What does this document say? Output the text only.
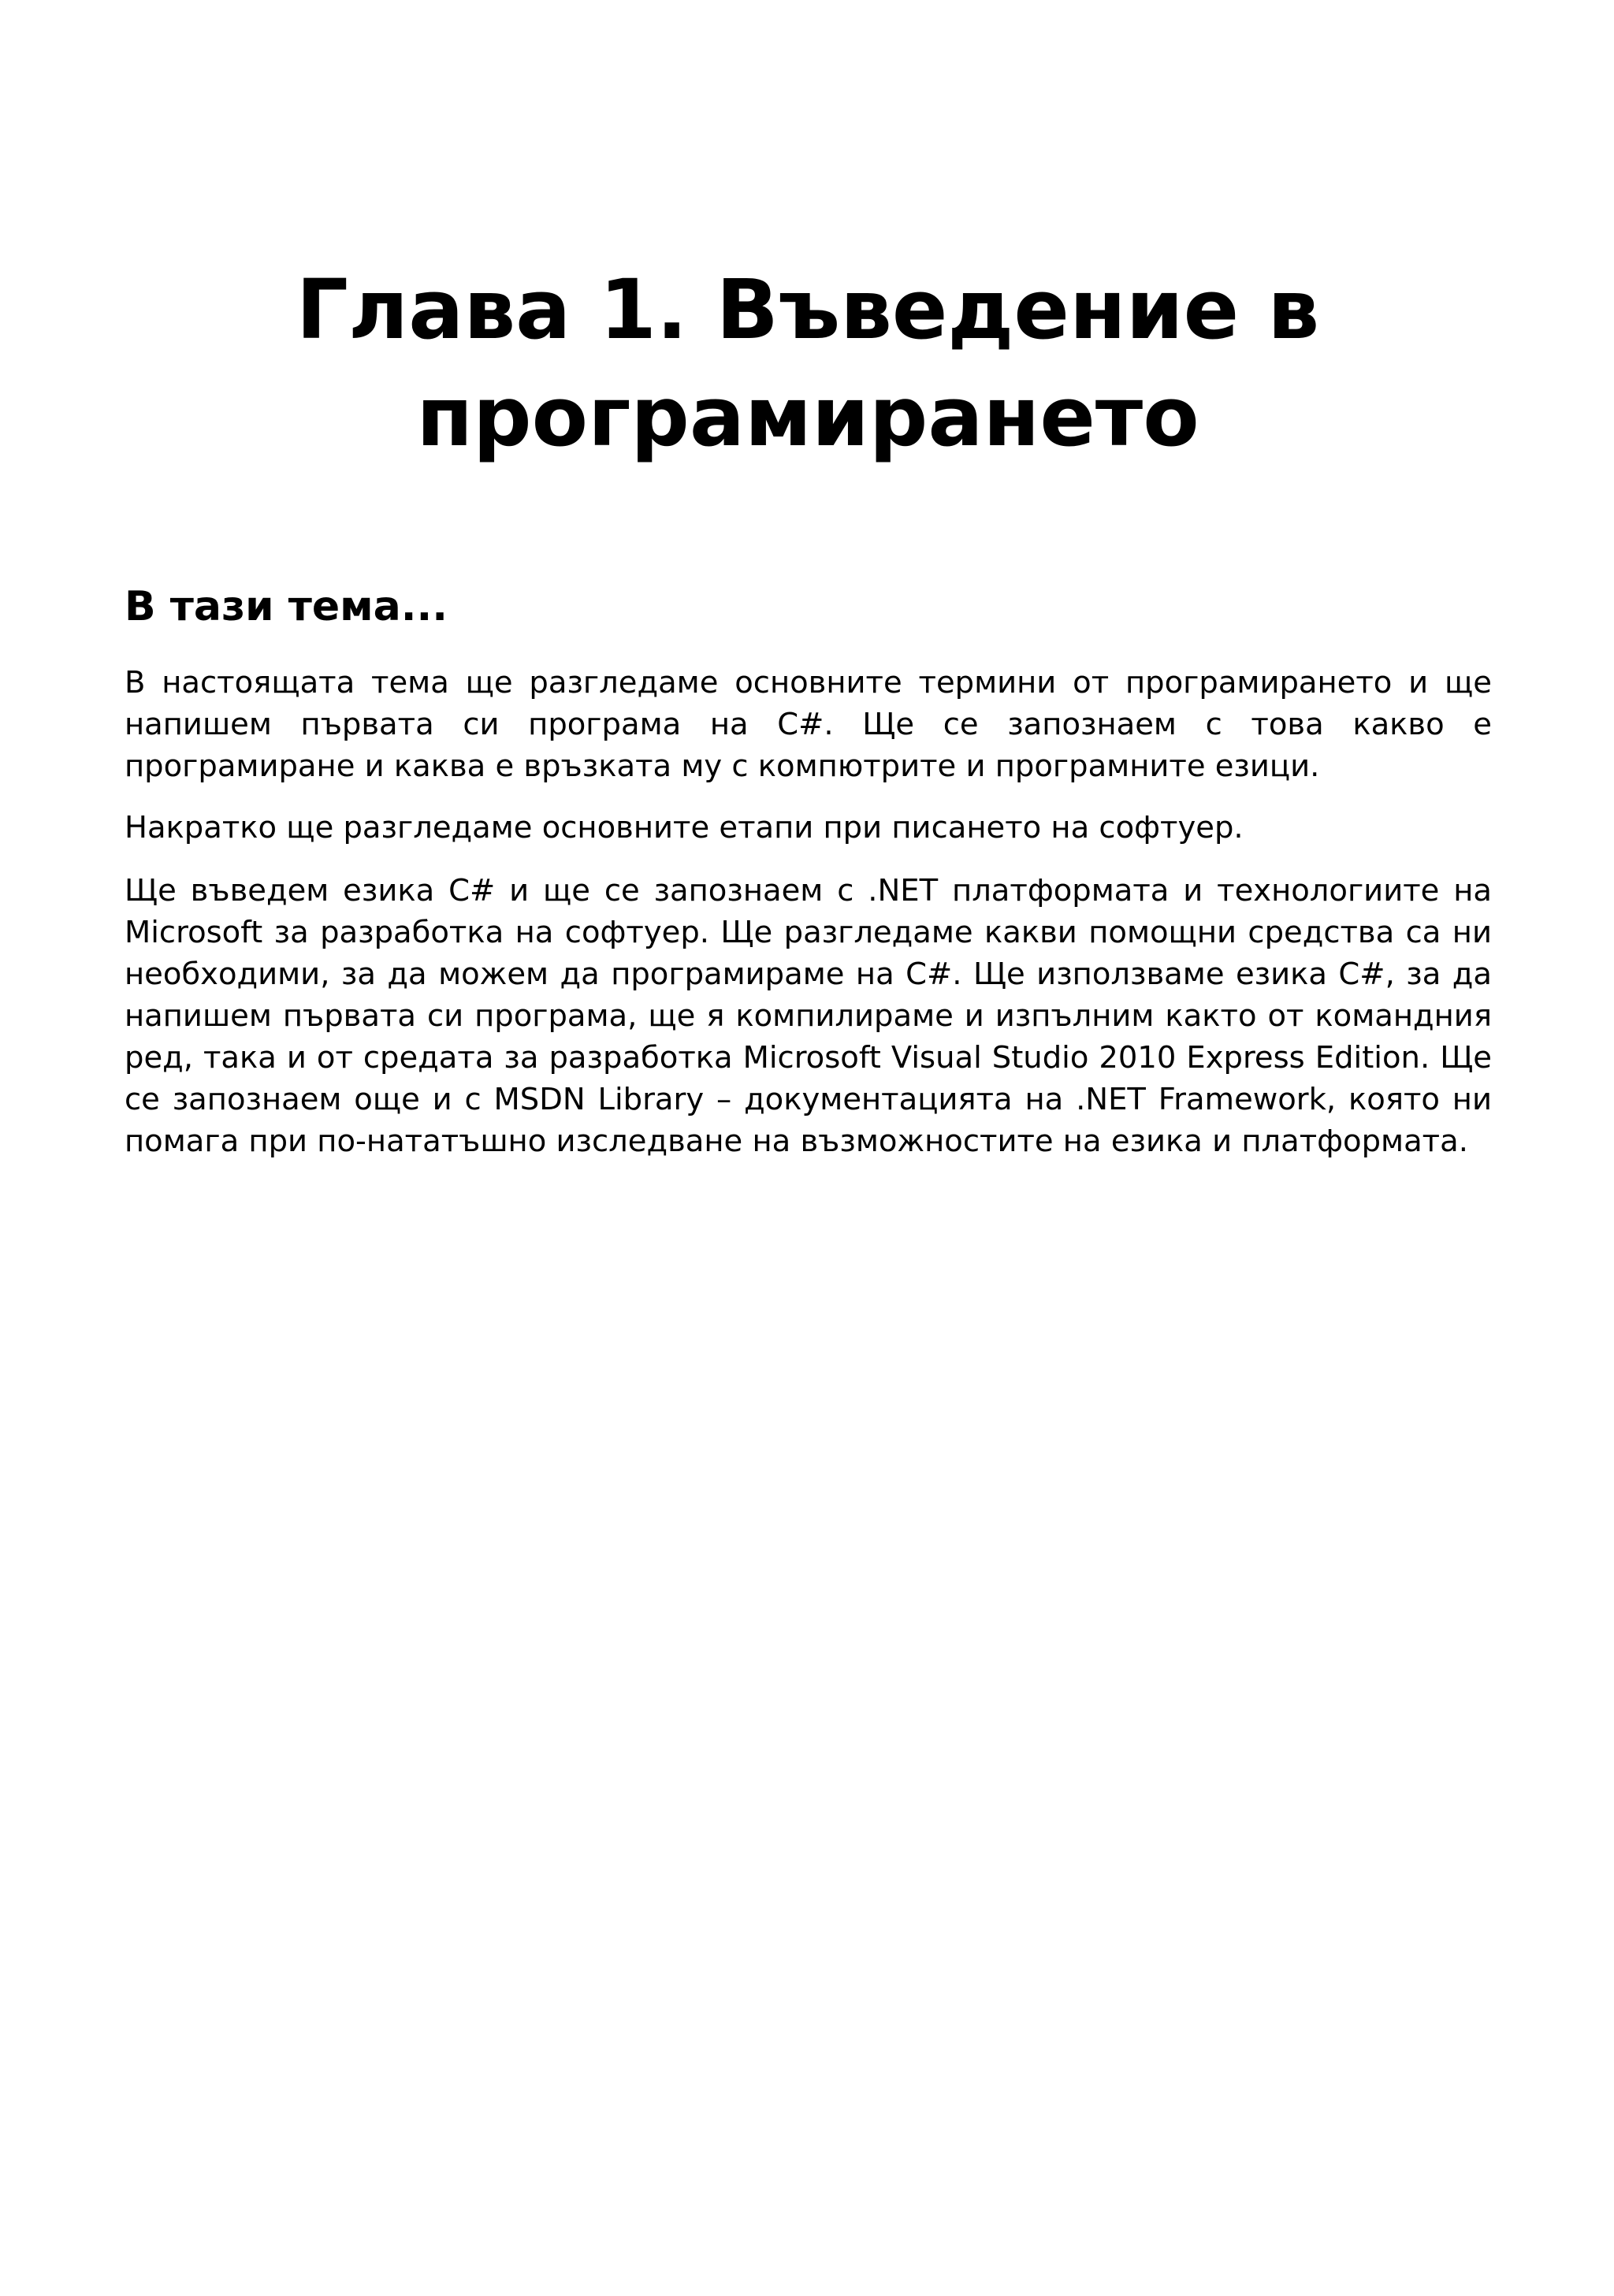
Глава 1. Въведение в
програмирането
В тази тема...

В настоящата тема ще разгледаме основните термини от програмирането и ще напишем първата си програма на C#. Ще се запознаем с това какво е програмиране и каква е връзката му с компютрите и програмните езици.

Накратко ще разгледаме основните етапи при писането на софтуер.

Ще въведем езика C# и ще се запознаем с .NET платформата и технологиите на Microsoft за разработка на софтуер. Ще разгледаме какви помощни средства са ни необходими, за да можем да програмираме на C#. Ще използваме езика C#, за да напишем първата си програма, ще я компилираме и изпълним както от командния ред, така и от средата за разработка Microsoft Visual Studio 2010 Express Edition. Ще се запознаем още и с MSDN Library – документацията на .NET Framework, която ни помага при по-нататъшно изследване на възможностите на езика и платформата.
